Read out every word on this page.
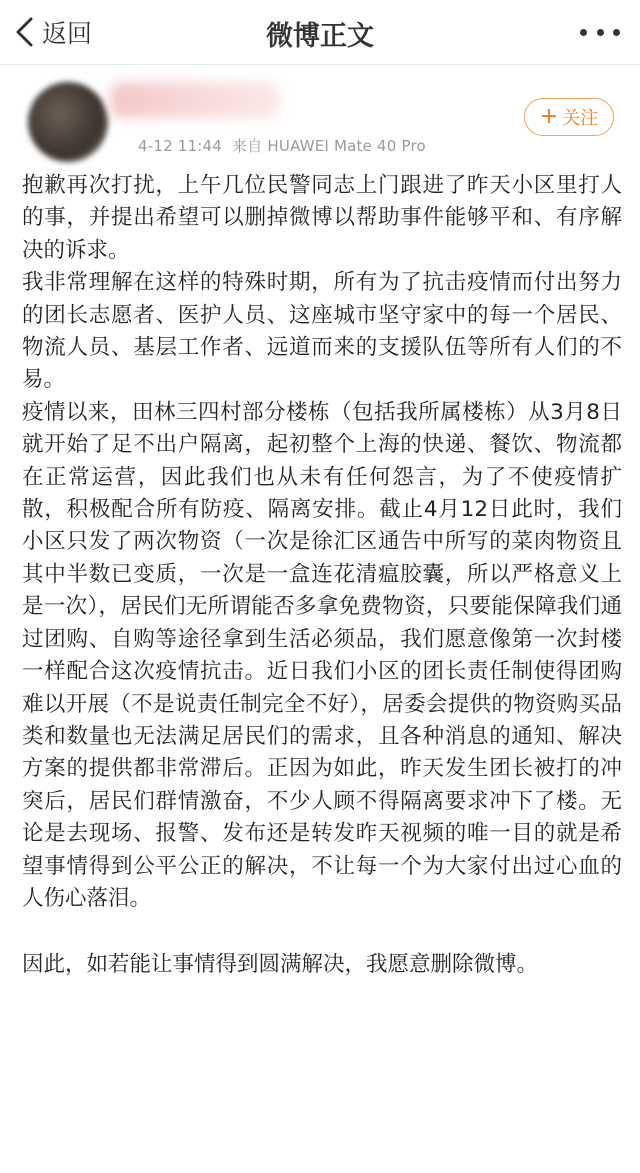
返回	微博正文
4-12 11:44 来自 HUAWEI Mate 40 Pro
+ 关注

抱歉再次打扰，上午几位民警同志上门跟进了昨天小区里打人的事，并提出希望可以删掉微博以帮助事件能够平和、有序解决的诉求。

我非常理解在这样的特殊时期，所有为了抗击疫情而付出努力的团长志愿者、医护人员、这座城市坚守家中的每一个居民、物流人员、基层工作者、远道而来的支援队伍等所有人们的不易。

疫情以来，田林三四村部分楼栋（包括我所属楼栋）从3月8日就开始了足不出户隔离，起初整个上海的快递、餐饮、物流都在正常运营，因此我们也从未有任何怨言，为了不使疫情扩散，积极配合所有防疫、隔离安排。截止4月12日此时，我们小区只发了两次物资（一次是徐汇区通告中所写的菜肉物资且其中半数已变质，一次是一盒连花清瘟胶囊，所以严格意义上是一次），居民们无所谓能否多拿免费物资，只要能保障我们通过团购、自购等途径拿到生活必须品，我们愿意像第一次封楼一样配合这次疫情抗击。近日我们小区的团长责任制使得团购难以开展（不是说责任制完全不好），居委会提供的物资购买品类和数量也无法满足居民们的需求，且各种消息的通知、解决方案的提供都非常滞后。正因为如此，昨天发生团长被打的冲突后，居民们群情激奋，不少人顾不得隔离要求冲下了楼。无论是去现场、报警、发布还是转发昨天视频的唯一目的就是希望事情得到公平公正的解决，不让每一个为大家付出过心血的人伤心落泪。

因此，如若能让事情得到圆满解决，我愿意删除微博。
